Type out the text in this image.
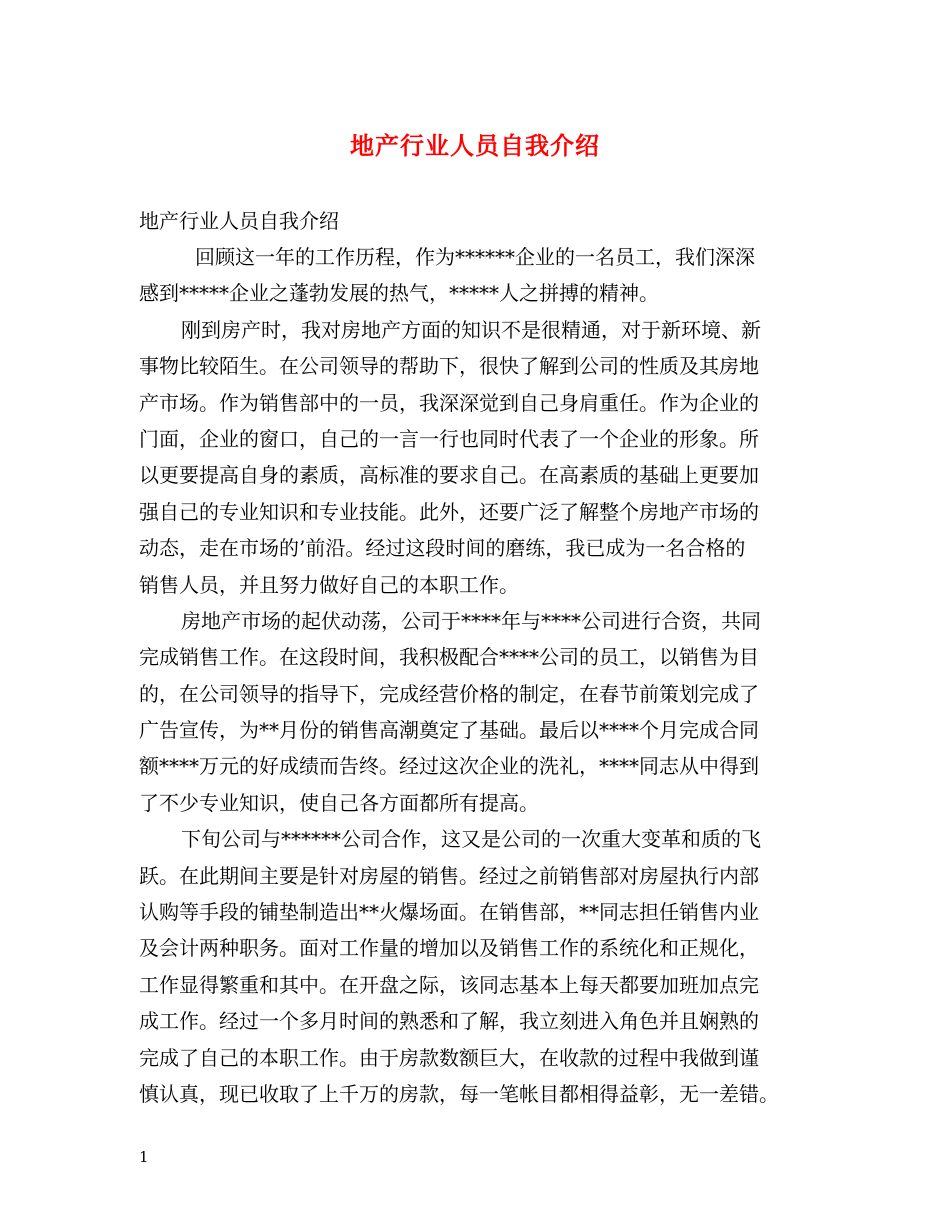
地产行业人员自我介绍
地产行业人员自我介绍
回顾这一年的工作历程，作为******企业的一名员工，我们深深
感到*****企业之蓬勃发展的热气，*****人之拼搏的精神。
刚到房产时，我对房地产方面的知识不是很精通，对于新环境、新
事物比较陌生。在公司领导的帮助下，很快了解到公司的性质及其房地
产市场。作为销售部中的一员，我深深觉到自己身肩重任。作为企业的
门面，企业的窗口，自己的一言一行也同时代表了一个企业的形象。所
以更要提高自身的素质，高标准的要求自己。在高素质的基础上更要加
强自己的专业知识和专业技能。此外，还要广泛了解整个房地产市场的
动态，走在市场的’前沿。经过这段时间的磨练，我已成为一名合格的
销售人员，并且努力做好自己的本职工作。
房地产市场的起伏动荡，公司于****年与****公司进行合资，共同
完成销售工作。在这段时间，我积极配合****公司的员工，以销售为目
的，在公司领导的指导下，完成经营价格的制定，在春节前策划完成了
广告宣传，为**月份的销售高潮奠定了基础。最后以****个月完成合同
额****万元的好成绩而告终。经过这次企业的洗礼，****同志从中得到
了不少专业知识，使自己各方面都所有提高。
下旬公司与******公司合作，这又是公司的一次重大变革和质的飞
跃。在此期间主要是针对房屋的销售。经过之前销售部对房屋执行内部
认购等手段的铺垫制造出**火爆场面。在销售部，**同志担任销售内业
及会计两种职务。面对工作量的增加以及销售工作的系统化和正规化，
工作显得繁重和其中。在开盘之际，该同志基本上每天都要加班加点完
成工作。经过一个多月时间的熟悉和了解，我立刻进入角色并且娴熟的
完成了自己的本职工作。由于房款数额巨大，在收款的过程中我做到谨
慎认真，现已收取了上千万的房款，每一笔帐目都相得益彰，无一差错。
1
